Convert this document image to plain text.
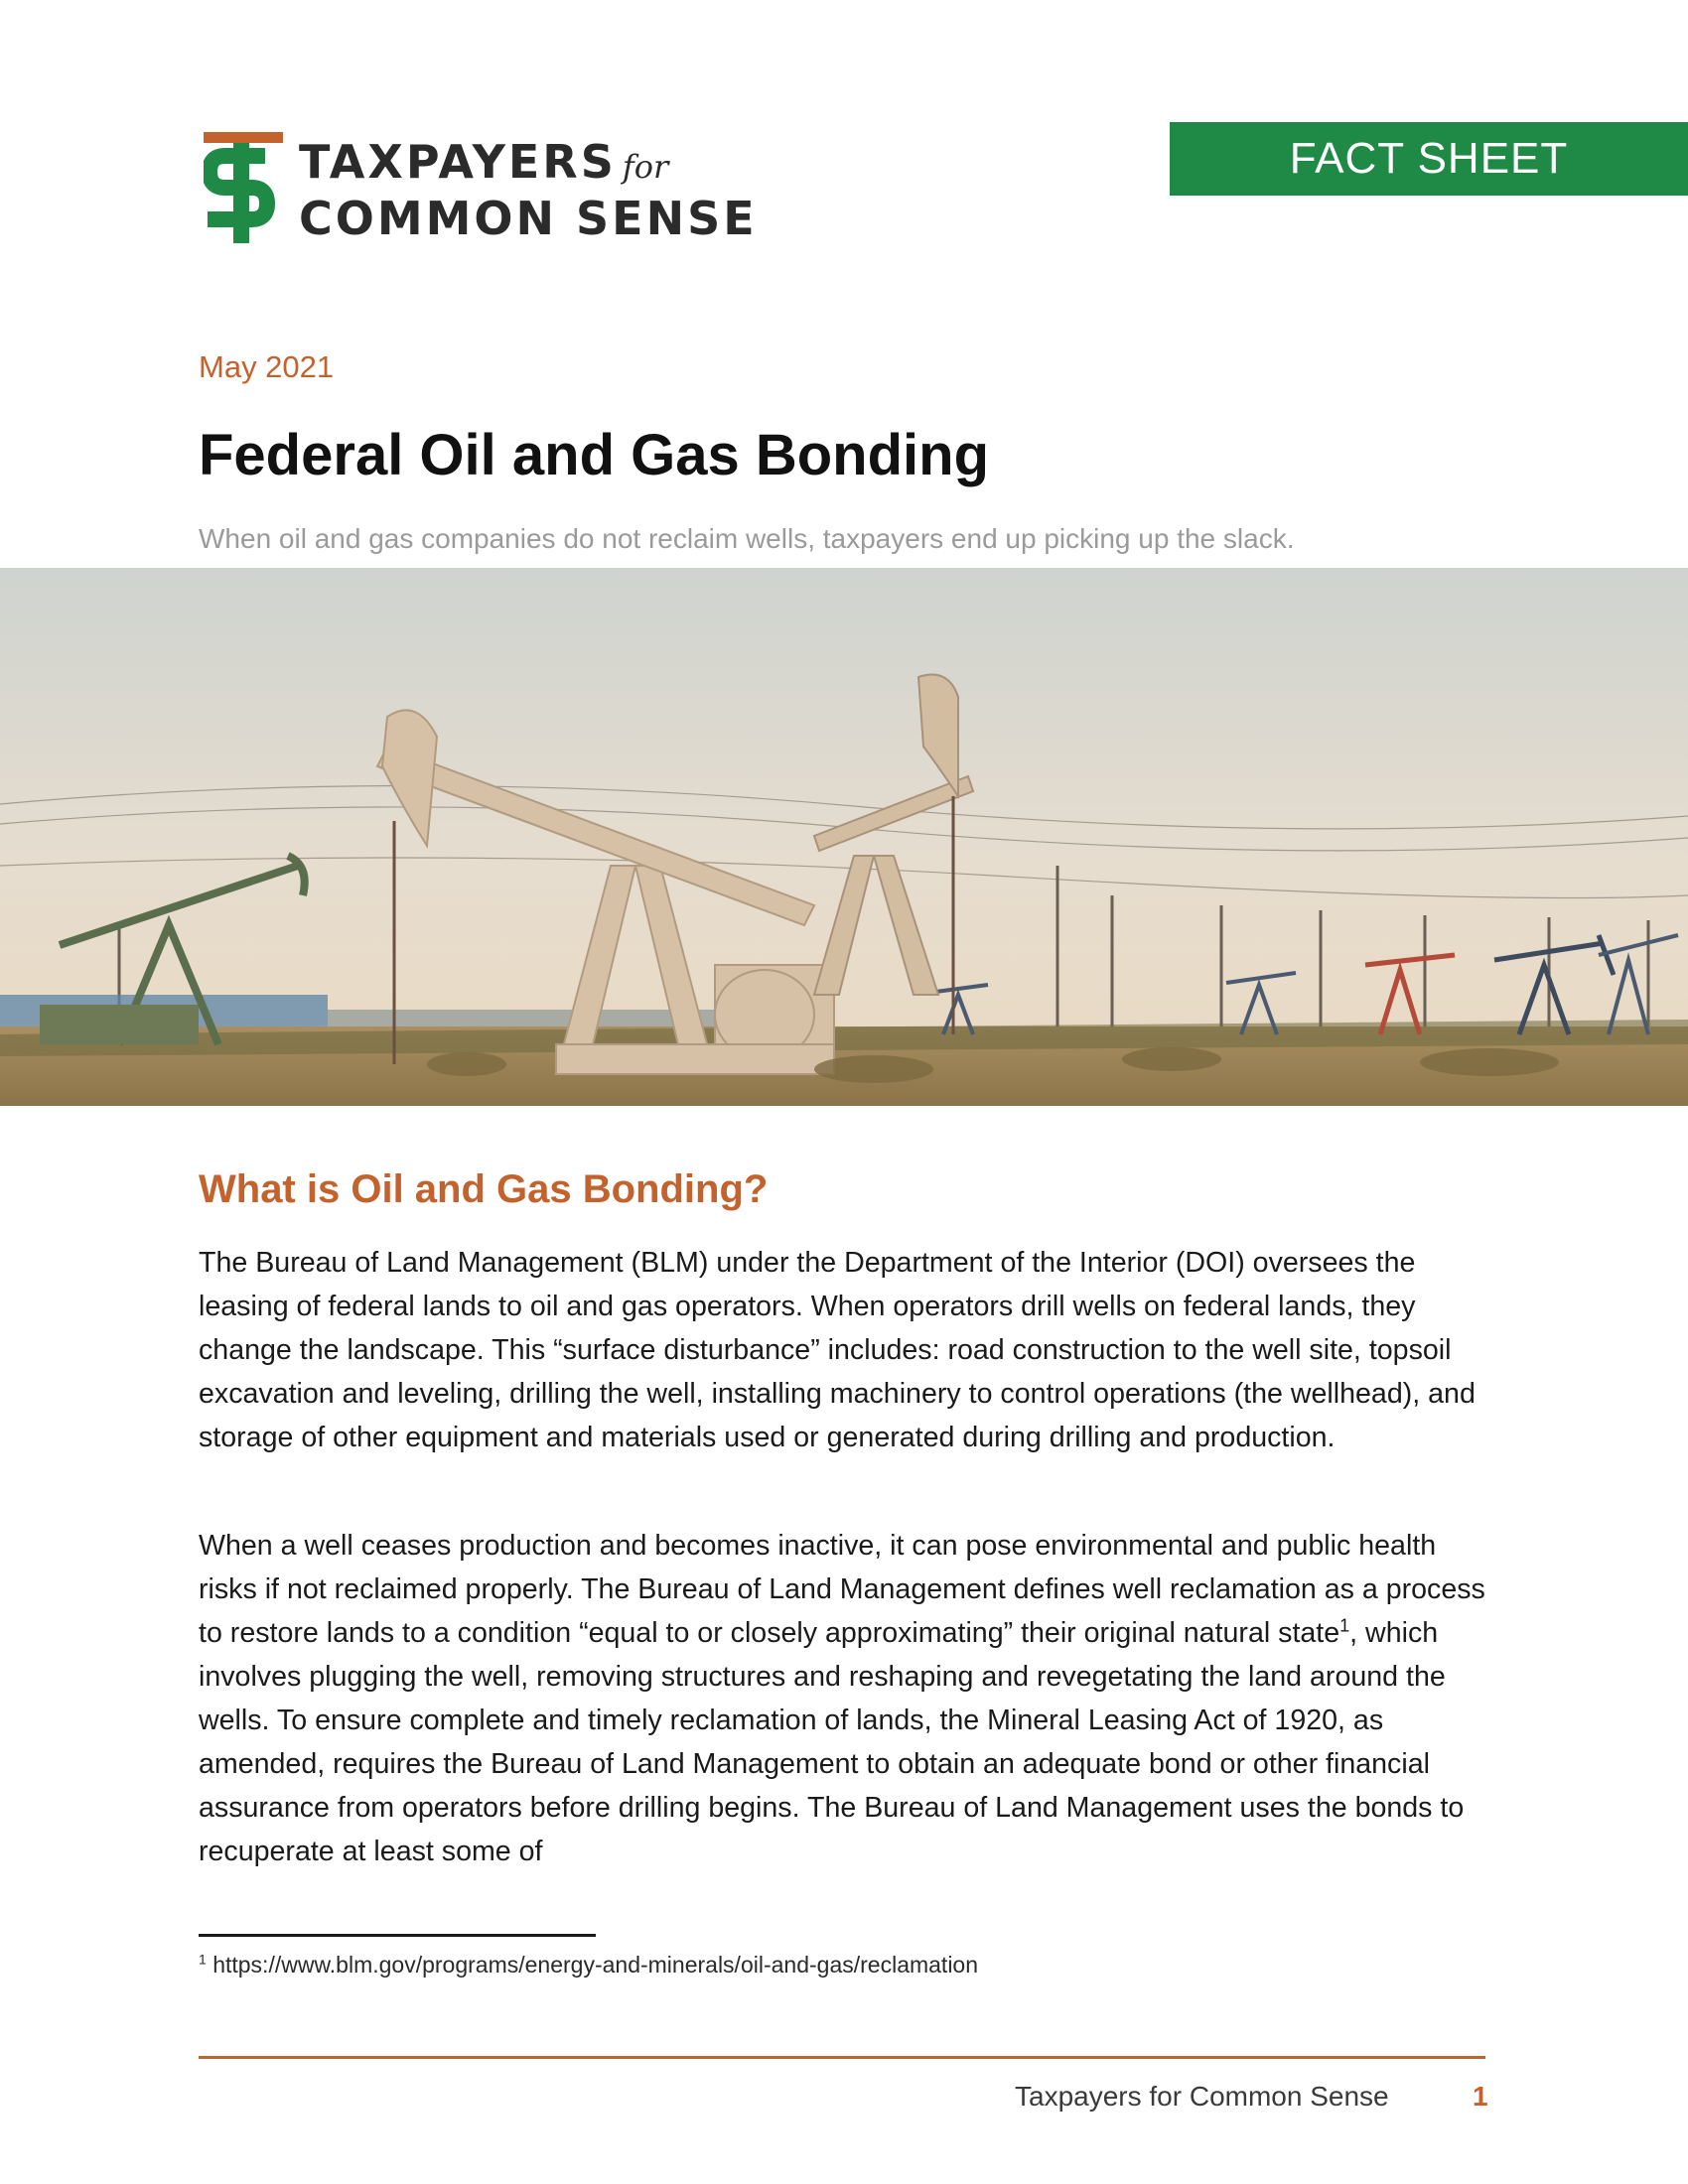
TAXPAYERS for
COMMON SENSE
FACT SHEET
May 2021
Federal Oil and Gas Bonding
When oil and gas companies do not reclaim wells, taxpayers end up picking up the slack.
What is Oil and Gas Bonding?

The Bureau of Land Management (BLM) under the Department of the Interior (DOI) oversees the leasing of federal lands to oil and gas operators. When operators drill wells on federal lands, they change the landscape. This “surface disturbance” includes: road construction to the well site, topsoil excavation and leveling, drilling the well, installing machinery to control operations (the wellhead), and storage of other equipment and materials used or generated during drilling and production.

When a well ceases production and becomes inactive, it can pose environmental and public health risks if not reclaimed properly. The Bureau of Land Management defines well reclamation as a process to restore lands to a condition “equal to or closely approximating” their original natural state$^1$, which involves plugging the well, removing structures and reshaping and revegetating the land around the wells. To ensure complete and timely reclamation of lands, the Mineral Leasing Act of 1920, as amended, requires the Bureau of Land Management to obtain an adequate bond or other financial assurance from operators before drilling begins. The Bureau of Land Management uses the bonds to recuperate at least some of

$^1$ https://www.blm.gov/programs/energy-and-minerals/oil-and-gas/reclamation
Taxpayers for Common Sense	1
